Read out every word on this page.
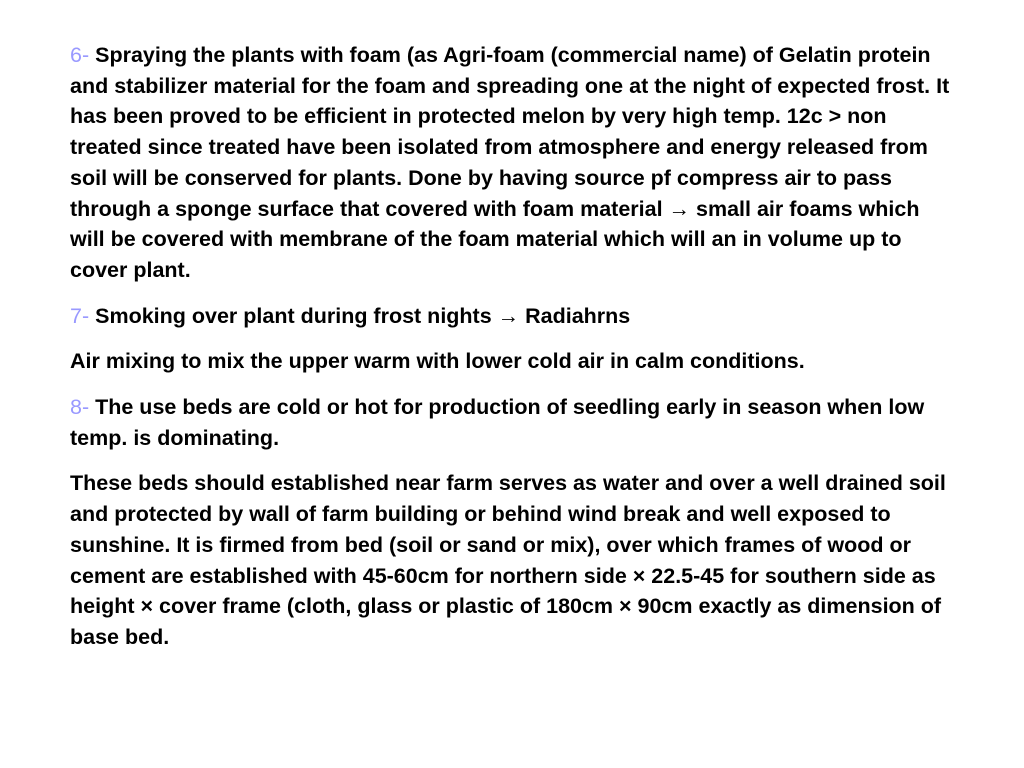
6- Spraying the plants with foam (as Agri-foam (commercial name) of Gelatin protein and stabilizer material for the foam and spreading one at the night of expected frost. It has been proved to be efficient in protected melon by very high temp. 12c > non treated since treated have been isolated from atmosphere and energy released from soil will be conserved for plants. Done by having source pf compress air to pass through a sponge surface that covered with foam material → small air foams which will be covered with membrane of the foam material which will an in volume up to cover plant.

7- Smoking over plant during frost nights → Radiahrns

Air mixing to mix the upper warm with lower cold air in calm conditions.

8- The use beds are cold or hot for production of seedling early in season when low temp. is dominating.

These beds should established near farm serves as water and over a well drained soil and protected by wall of farm building or behind wind break and well exposed to sunshine. It is firmed from bed (soil or sand or mix), over which frames of wood or cement are established with 45-60cm for northern side × 22.5-45 for southern side as height × cover frame (cloth, glass or plastic of 180cm × 90cm exactly as dimension of base bed.
